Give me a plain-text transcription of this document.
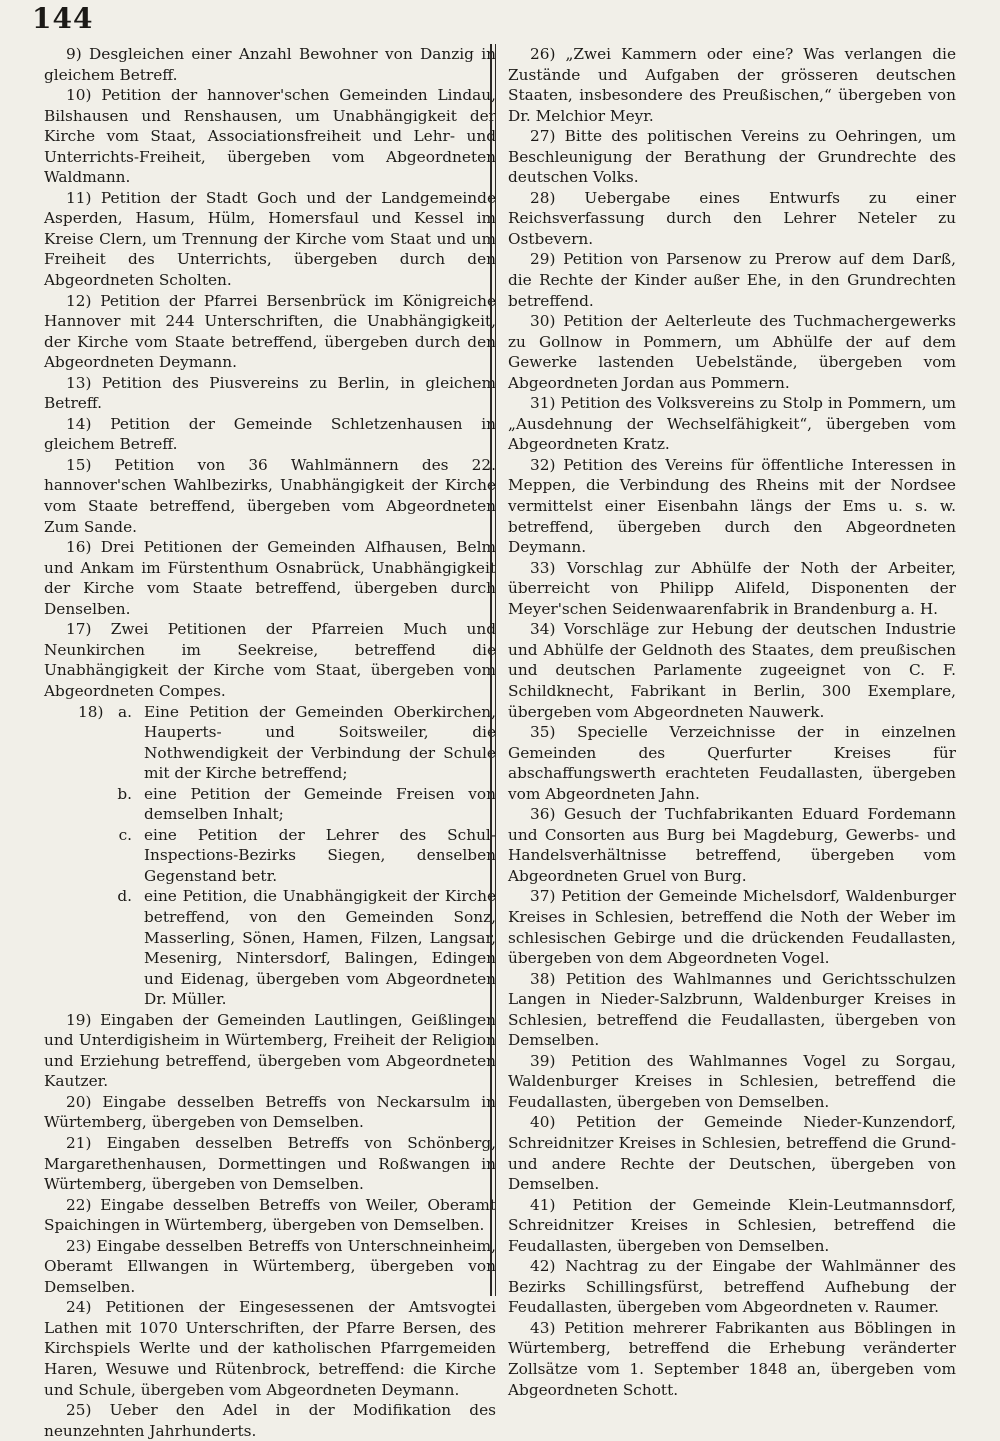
144

9) Desgleichen einer Anzahl Bewohner von Danzig in gleichem Betreff.

10) Petition der hannover'schen Gemeinden Lindau, Bilshausen und Renshausen, um Unabhängigkeit der Kirche vom Staat, Associationsfreiheit und Lehr- und Unterrichts-Freiheit, übergeben vom Abgeordneten Waldmann.

11) Petition der Stadt Goch und der Landgemeinde Asperden, Hasum, Hülm, Homersfaul und Kessel im Kreise Clern, um Trennung der Kirche vom Staat und um Freiheit des Unterrichts, übergeben durch den Abgeordneten Scholten.

12) Petition der Pfarrei Bersenbrück im Königreiche Hannover mit 244 Unterschriften, die Unabhängigkeit, der Kirche vom Staate betreffend, übergeben durch den Abgeordneten Deymann.

13) Petition des Piusvereins zu Berlin, in gleichem Betreff.

14) Petition der Gemeinde Schletzenhausen in gleichem Betreff.

15) Petition von 36 Wahlmännern des 22. hannover'schen Wahlbezirks, Unabhängigkeit der Kirche vom Staate betreffend, übergeben vom Abgeordneten Zum Sande.

16) Drei Petitionen der Gemeinden Alfhausen, Belm und Ankam im Fürstenthum Osnabrück, Unabhängigkeit der Kirche vom Staate betreffend, übergeben durch Denselben.

17) Zwei Petitionen der Pfarreien Much und Neunkirchen im Seekreise, betreffend die Unabhängigkeit der Kirche vom Staat, übergeben vom Abgeordneten Compes.

18) a. Eine Petition der Gemeinden Oberkirchen, Hauperts- und Soitsweiler, die Nothwendigkeit der Verbindung der Schule mit der Kirche betreffend;
b. eine Petition der Gemeinde Freisen von demselben Inhalt;
c. eine Petition der Lehrer des Schul-Inspections-Bezirks Siegen, denselben Gegenstand betr.
d. eine Petition, die Unabhängigkeit der Kirche betreffend, von den Gemeinden Sonz, Masserling, Sönen, Hamen, Filzen, Langsar, Mesenirg, Nintersdorf, Balingen, Edingen und Eidenag, übergeben vom Abgeordneten Dr. Müller.

19) Eingaben der Gemeinden Lautlingen, Geißlingen und Unterdigisheim in Würtemberg, Freiheit der Religion und Erziehung betreffend, übergeben vom Abgeordneten Kautzer.

20) Eingabe desselben Betreffs von Neckarsulm in Würtemberg, übergeben von Demselben.

21) Eingaben desselben Betreffs von Schönberg, Margarethenhausen, Dormettingen und Roßwangen in Würtemberg, übergeben von Demselben.

22) Eingabe desselben Betreffs von Weiler, Oberamt Spaichingen in Würtemberg, übergeben von Demselben.

23) Eingabe desselben Betreffs von Unterschneinheim, Oberamt Ellwangen in Würtemberg, übergeben von Demselben.

24) Petitionen der Eingesessenen der Amtsvogtei Lathen mit 1070 Unterschriften, der Pfarre Bersen, des Kirchspiels Werlte und der katholischen Pfarrgemeiden Haren, Wesuwe und Rütenbrock, betreffend: die Kirche und Schule, übergeben vom Abgeordneten Deymann.

25) Ueber den Adel in der Modifikation des neunzehnten Jahrhunderts.

26) „Zwei Kammern oder eine? Was verlangen die Zustände und Aufgaben der grösseren deutschen Staaten, insbesondere des Preußischen,“ übergeben von Dr. Melchior Meyr.

27) Bitte des politischen Vereins zu Oehringen, um Beschleunigung der Berathung der Grundrechte des deutschen Volks.

28) Uebergabe eines Entwurfs zu einer Reichsverfassung durch den Lehrer Neteler zu Ostbevern.

29) Petition von Parsenow zu Prerow auf dem Darß, die Rechte der Kinder außer Ehe, in den Grundrechten betreffend.

30) Petition der Aelterleute des Tuchmachergewerks zu Gollnow in Pommern, um Abhülfe der auf dem Gewerke lastenden Uebelstände, übergeben vom Abgeordneten Jordan aus Pommern.

31) Petition des Volksvereins zu Stolp in Pommern, um „Ausdehnung der Wechselfähigkeit“, übergeben vom Abgeordneten Kratz.

32) Petition des Vereins für öffentliche Interessen in Meppen, die Verbindung des Rheins mit der Nordsee vermittelst einer Eisenbahn längs der Ems u. s. w. betreffend, übergeben durch den Abgeordneten Deymann.

33) Vorschlag zur Abhülfe der Noth der Arbeiter, überreicht von Philipp Alifeld, Disponenten der Meyer'schen Seidenwaarenfabrik in Brandenburg a. H.

34) Vorschläge zur Hebung der deutschen Industrie und Abhülfe der Geldnoth des Staates, dem preußischen und deutschen Parlamente zugeeignet von C. F. Schildknecht, Fabrikant in Berlin, 300 Exemplare, übergeben vom Abgeordneten Nauwerk.

35) Specielle Verzeichnisse der in einzelnen Gemeinden des Querfurter Kreises für abschaffungswerth erachteten Feudallasten, übergeben vom Abgeordneten Jahn.

36) Gesuch der Tuchfabrikanten Eduard Fordemann und Consorten aus Burg bei Magdeburg, Gewerbs- und Handelsverhältnisse betreffend, übergeben vom Abgeordneten Gruel von Burg.

37) Petition der Gemeinde Michelsdorf, Waldenburger Kreises in Schlesien, betreffend die Noth der Weber im schlesischen Gebirge und die drückenden Feudallasten, übergeben von dem Abgeordneten Vogel.

38) Petition des Wahlmannes und Gerichtsschulzen Langen in Nieder-Salzbrunn, Waldenburger Kreises in Schlesien, betreffend die Feudallasten, übergeben von Demselben.

39) Petition des Wahlmannes Vogel zu Sorgau, Waldenburger Kreises in Schlesien, betreffend die Feudallasten, übergeben von Demselben.

40) Petition der Gemeinde Nieder-Kunzendorf, Schreidnitzer Kreises in Schlesien, betreffend die Grund- und andere Rechte der Deutschen, übergeben von Demselben.

41) Petition der Gemeinde Klein-Leutmannsdorf, Schreidnitzer Kreises in Schlesien, betreffend die Feudallasten, übergeben von Demselben.

42) Nachtrag zu der Eingabe der Wahlmänner des Bezirks Schillingsfürst, betreffend Aufhebung der Feudallasten, übergeben vom Abgeordneten v. Raumer.

43) Petition mehrerer Fabrikanten aus Böblingen in Würtemberg, betreffend die Erhebung veränderter Zollsätze vom 1. September 1848 an, übergeben vom Abgeordneten Schott.
